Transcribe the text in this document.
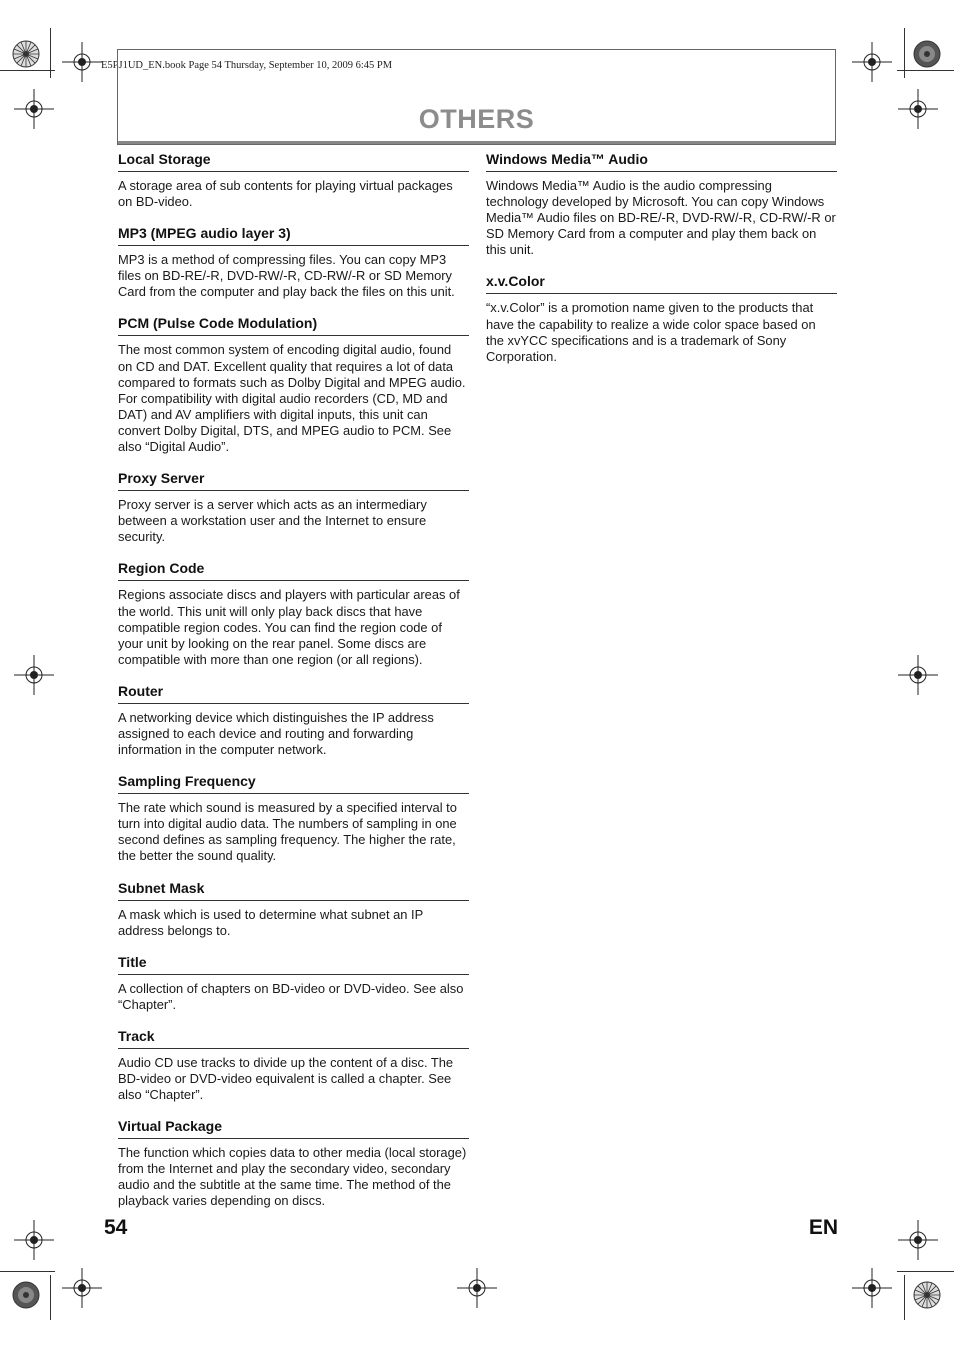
E5PJ1UD_EN.book Page 54 Thursday, September 10, 2009 6:45 PM
OTHERS
Local Storage

A storage area of sub contents for playing virtual packages on BD-video.

MP3 (MPEG audio layer 3)

MP3 is a method of compressing files. You can copy MP3 files on BD-RE/-R, DVD-RW/-R, CD-RW/-R or SD Memory Card from the computer and play back the files on this unit.

PCM (Pulse Code Modulation)

The most common system of encoding digital audio, found on CD and DAT. Excellent quality that requires a lot of data compared to formats such as Dolby Digital and MPEG audio. For compatibility with digital audio recorders (CD, MD and DAT) and AV amplifiers with digital inputs, this unit can convert Dolby Digital, DTS, and MPEG audio to PCM. See also “Digital Audio”.

Proxy Server

Proxy server is a server which acts as an intermediary between a workstation user and the Internet to ensure security.

Region Code

Regions associate discs and players with particular areas of the world. This unit will only play back discs that have compatible region codes. You can find the region code of your unit by looking on the rear panel. Some discs are compatible with more than one region (or all regions).

Router

A networking device which distinguishes the IP address assigned to each device and routing and forwarding information in the computer network.

Sampling Frequency

The rate which sound is measured by a specified interval to turn into digital audio data. The numbers of sampling in one second defines as sampling frequency. The higher the rate, the better the sound quality.

Subnet Mask

A mask which is used to determine what subnet an IP address belongs to.

Title

A collection of chapters on BD-video or DVD-video. See also “Chapter”.

Track

Audio CD use tracks to divide up the content of a disc. The BD-video or DVD-video equivalent is called a chapter. See also “Chapter”.

Virtual Package

The function which copies data to other media (local storage) from the Internet and play the secondary video, secondary audio and the subtitle at the same time. The method of the playback varies depending on discs.

Windows Media™ Audio

Windows Media™ Audio is the audio compressing technology developed by Microsoft. You can copy Windows Media™ Audio files on BD-RE/-R, DVD-RW/-R, CD-RW/-R or SD Memory Card from a computer and play them back on this unit.

x.v.Color

“x.v.Color” is a promotion name given to the products that have the capability to realize a wide color space based on the xvYCC specifications and is a trademark of Sony Corporation.

54	EN
